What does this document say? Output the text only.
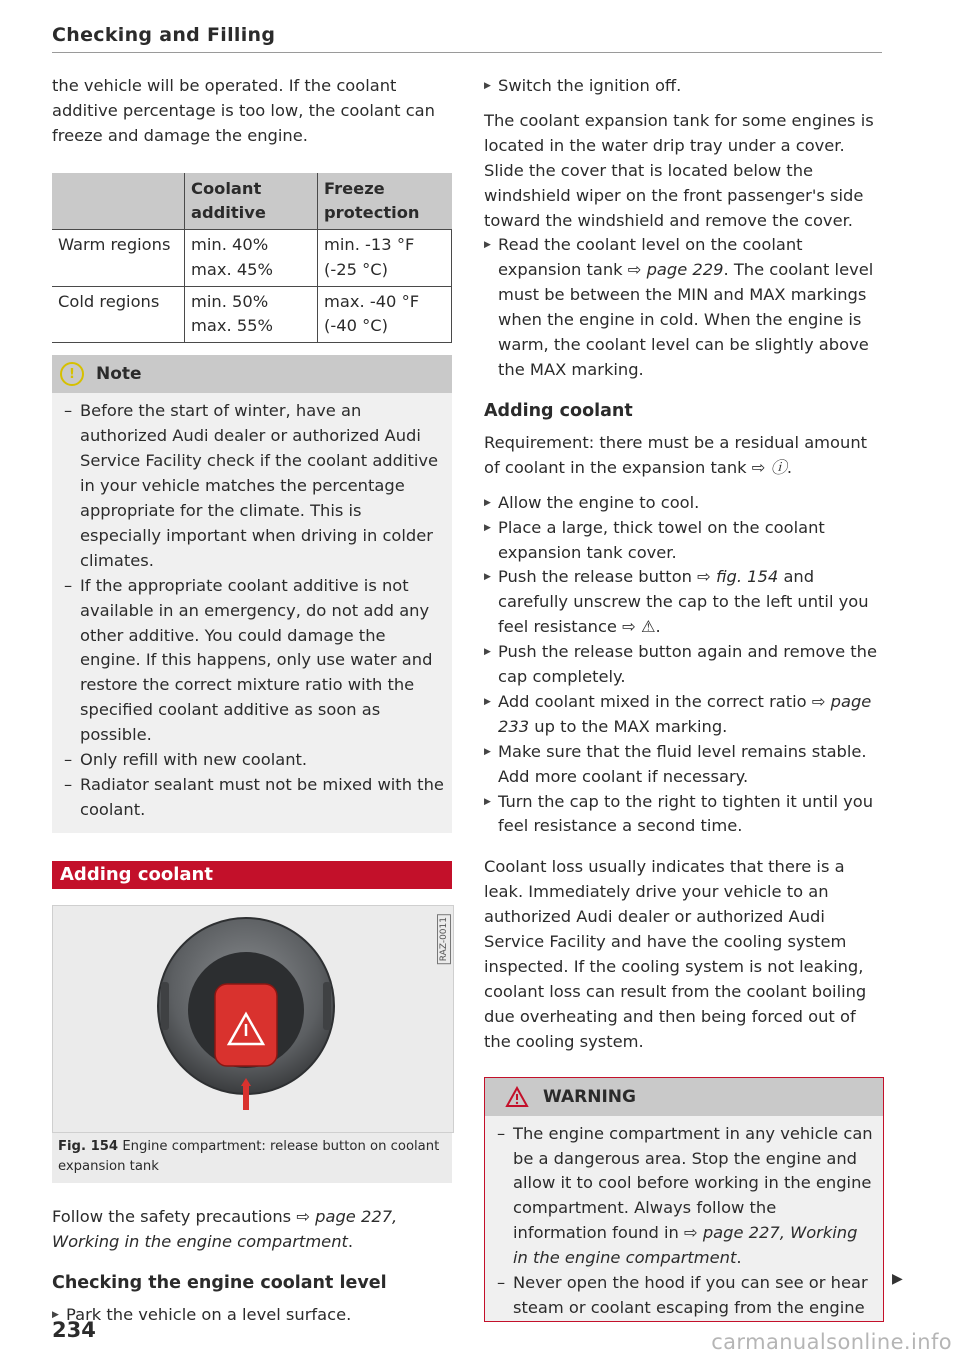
Checking and Filling

the vehicle will be operated. If the coolant additive percentage is too low, the coolant can freeze and damage the engine.

	Coolant additive	Freeze protection
Warm regions	min. 40% max. 45%	min. -13 °F (-25 °C)
Cold regions	min. 50% max. 55%	max. -40 °F (-40 °C)
!	Note
– Before the start of winter, have an authorized Audi dealer or authorized Audi Service Facility check if the coolant additive in your vehicle matches the percentage appropriate for the climate. This is especially important when driving in colder climates.
– If the appropriate coolant additive is not available in an emergency, do not add any other additive. You could damage the engine. If this happens, only use water and restore the correct mixture ratio with the specified coolant additive as soon as possible.
– Only refill with new coolant.
– Radiator sealant must not be mixed with the coolant.
Adding coolant
RAZ-0011
Fig. 154 Engine compartment: release button on coolant expansion tank

Follow the safety precautions ⇨ page 227, Working in the engine compartment.

Checking the engine coolant level
▶ Park the vehicle on a level surface.
▶ Switch the ignition off.

The coolant expansion tank for some engines is located in the water drip tray under a cover. Slide the cover that is located below the windshield wiper on the front passenger's side toward the windshield and remove the cover.

▶ Read the coolant level on the coolant expansion tank ⇨ page 229. The coolant level must be between the MIN and MAX markings when the engine in cold. When the engine is warm, the coolant level can be slightly above the MAX marking.
Adding coolant

Requirement: there must be a residual amount of coolant in the expansion tank ⇨ ⓘ.

▶ Allow the engine to cool.
▶ Place a large, thick towel on the coolant expansion tank cover.
▶ Push the release button ⇨ fig. 154 and carefully unscrew the cap to the left until you feel resistance ⇨ ⚠.
▶ Push the release button again and remove the cap completely.
▶ Add coolant mixed in the correct ratio ⇨ page 233 up to the MAX marking.
▶ Make sure that the fluid level remains stable. Add more coolant if necessary.
▶ Turn the cap to the right to tighten it until you feel resistance a second time.

Coolant loss usually indicates that there is a leak. Immediately drive your vehicle to an authorized Audi dealer or authorized Audi Service Facility and have the cooling system inspected. If the cooling system is not leaking, coolant loss can result from the coolant boiling due overheating and then being forced out of the cooling system.

WARNING
– The engine compartment in any vehicle can be a dangerous area. Stop the engine and allow it to cool before working in the engine compartment. Always follow the information found in ⇨ page 227, Working in the engine compartment.
– Never open the hood if you can see or hear steam or coolant escaping from the engine
▶
234	carmanualsonline.info
